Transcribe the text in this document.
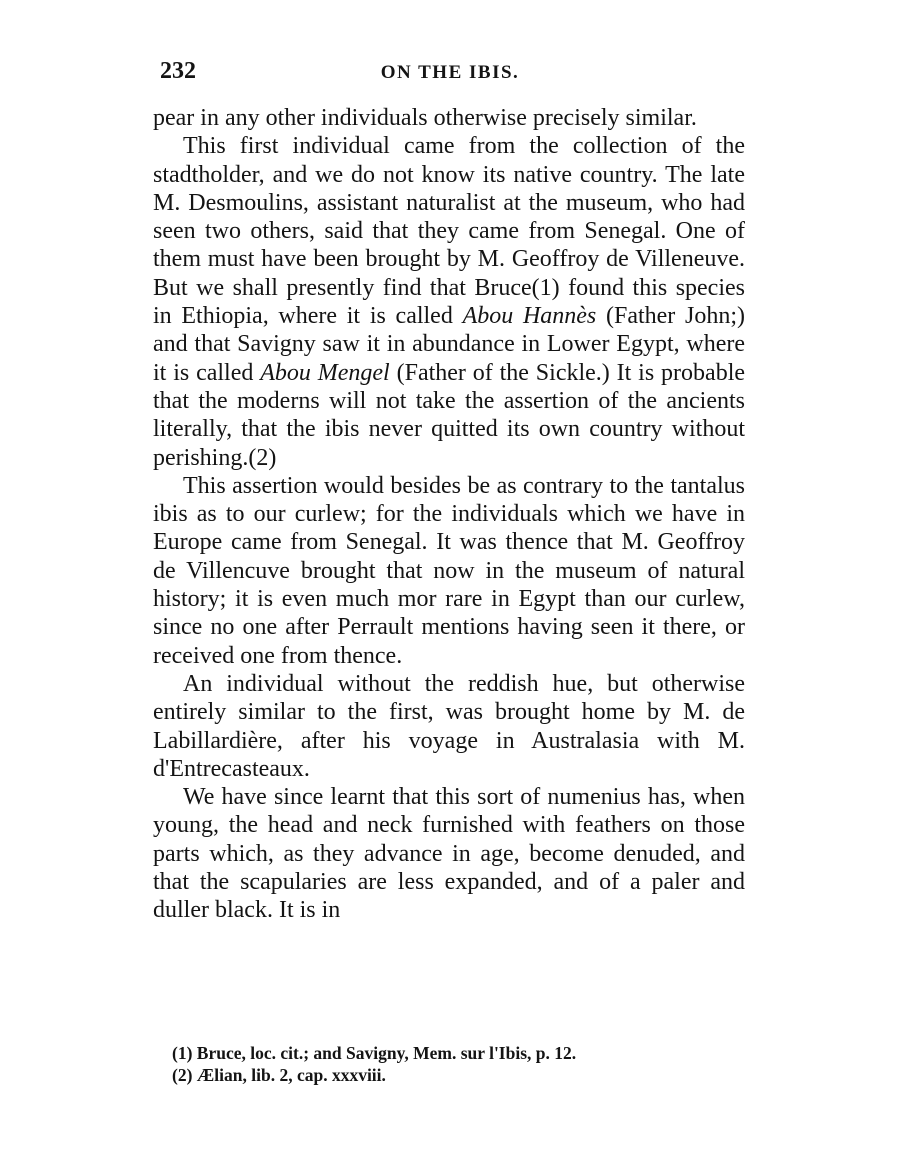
232	ON THE IBIS.

pear in any other individuals otherwise precisely similar.

This first individual came from the collection of the stadtholder, and we do not know its native country. The late M. Desmoulins, assistant naturalist at the museum, who had seen two others, said that they came from Senegal. One of them must have been brought by M. Geoffroy de Villeneuve. But we shall presently find that Bruce(1) found this species in Ethiopia, where it is called Abou Hannès (Father John;) and that Savigny saw it in abundance in Lower Egypt, where it is called Abou Mengel (Father of the Sickle.) It is probable that the moderns will not take the assertion of the ancients literally, that the ibis never quitted its own country without perishing.(2)

This assertion would besides be as contrary to the tantalus ibis as to our curlew; for the individuals which we have in Europe came from Senegal. It was thence that M. Geoffroy de Villencuve brought that now in the museum of natural history; it is even much mor rare in Egypt than our curlew, since no one after Perrault mentions having seen it there, or received one from thence.

An individual without the reddish hue, but otherwise entirely similar to the first, was brought home by M. de Labillardière, after his voyage in Australasia with M. d'Entrecasteaux.

We have since learnt that this sort of numenius has, when young, the head and neck furnished with feathers on those parts which, as they advance in age, become denuded, and that the scapularies are less expanded, and of a paler and duller black. It is in

(1) Bruce, loc. cit.; and Savigny, Mem. sur l'Ibis, p. 12.
(2) Ælian, lib. 2, cap. xxxviii.
